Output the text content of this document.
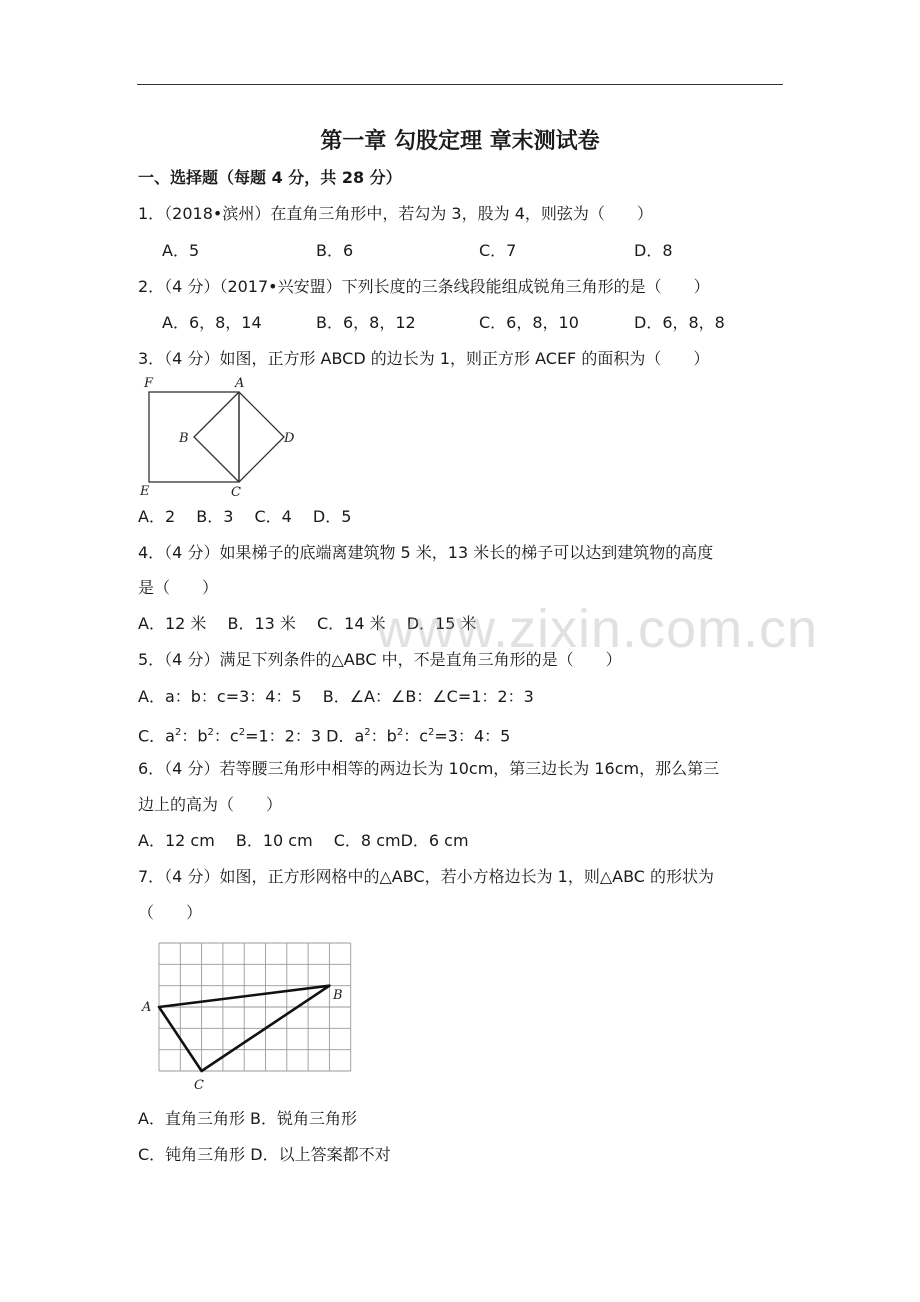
第一章 勾股定理 章末测试卷
一、选择题（每题 4 分，共 28 分）
1．（2018•滨州）在直角三角形中，若勾为 3，股为 4，则弦为（　　）
A．5	B．6	C．7	D．8
2．（4 分）（2017•兴安盟）下列长度的三条线段能组成锐角三角形的是（　　）
A．6，8，14	B．6，8，12	C．6，8，10	D．6，8，8
3．（4 分）如图，正方形 ABCD 的边长为 1，则正方形 ACEF 的面积为（　　）
F	A
B	D
E	C
A．2　 B．3　 C．4　 D．5
4．（4 分）如果梯子的底端离建筑物 5 米，13 米长的梯子可以达到建筑物的高度
是（　　）
A．12 米　 B．13 米　 C．14 米　 D．15 米
5．（4 分）满足下列条件的△ABC 中，不是直角三角形的是（　　）
A．a：b：c=3：4：5　 B．∠A：∠B：∠C=1：2：3
C．$a^2$：$b^2$：$c^2=1$：2：3 D．$a^2$：$b^2$：$c^2=3$：4：5
6．（4 分）若等腰三角形中相等的两边长为 10cm，第三边长为 16cm，那么第三
边上的高为（　　）
A．12 cm　 B．10 cm　 C．8 cmD．6 cm
7．（4 分）如图，正方形网格中的△ABC，若小方格边长为 1，则△ABC 的形状为
（　　）
A
B
C
A．直角三角形 B．锐角三角形
C．钝角三角形 D．以上答案都不对
www.zixin.com.cn
